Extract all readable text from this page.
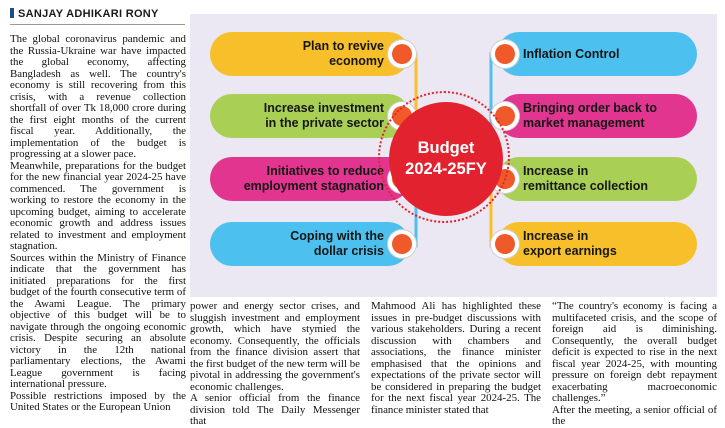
SANJAY ADHIKARI RONY

The global coronavirus pandemic and the Russia-Ukraine war have impacted the global economy, affecting Bangladesh as well. The country's economy is still recovering from this crisis, with a revenue collection shortfall of over Tk 18,000 crore during the first eight months of the current fiscal year. Additionally, the implementation of the budget is progressing at a slower pace.

Meanwhile, preparations for the budget for the new financial year 2024-25 have commenced. The government is working to restore the economy in the upcoming budget, aiming to accelerate economic growth and address issues related to investment and employment stagnation.

Sources within the Ministry of Finance indicate that the government has initiated preparations for the first budget of the fourth consecutive term of the Awami League. The primary objective of this budget will be to navigate through the ongoing economic crisis. Despite securing an absolute victory in the 12th national parliamentary elections, the Awami League government is facing international pressure.

Possible restrictions imposed by the United States or the European Union

Plan to revive
economy
Increase investment
in the private sector
Initiatives to reduce
employment stagnation
Coping with the
dollar crisis
Inflation Control
Bringing order back to
market management
Increase in
remittance collection
Increase in
export earnings
Budget
2024-25FY

power and energy sector crises, and sluggish investment and employment growth, which have stymied the economy. Consequently, the officials from the finance division assert that the first budget of the new term will be pivotal in addressing the government's economic challenges.

A senior official from the finance division told The Daily Messenger that

Mahmood Ali has highlighted these issues in pre-budget discussions with various stakeholders. During a recent discussion with chambers and associations, the finance minister emphasised that the opinions and expectations of the private sector will be considered in preparing the budget for the next fiscal year 2024-25. The finance minister stated that

“The country's economy is facing a multifaceted crisis, and the scope of foreign aid is diminishing. Consequently, the overall budget deficit is expected to rise in the next fiscal year 2024-25, with mounting pressure on foreign debt repayment exacerbating macroeconomic challenges.”

After the meeting, a senior official of the
